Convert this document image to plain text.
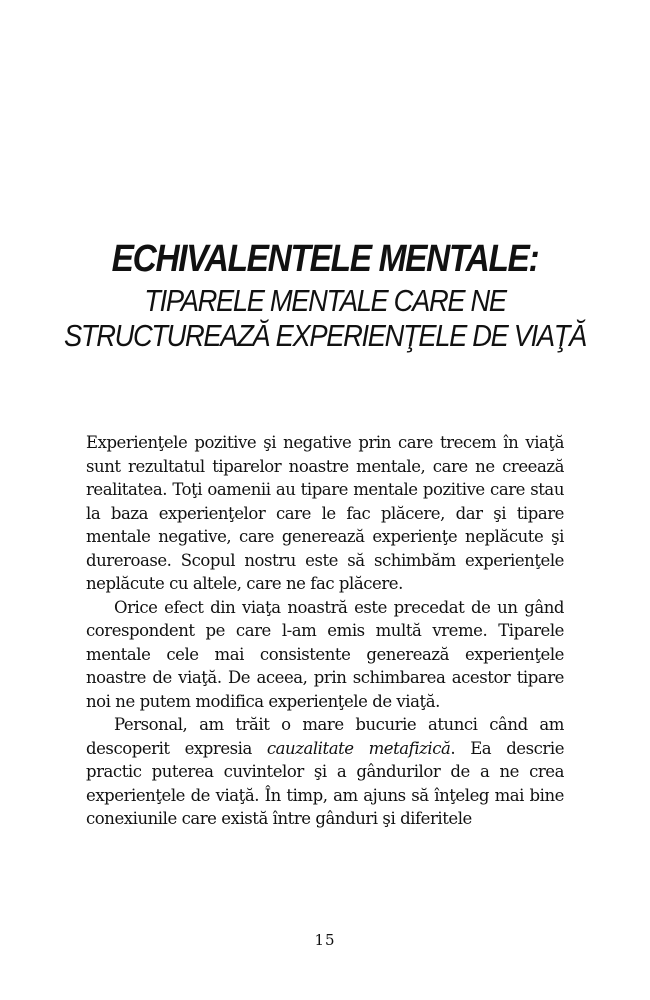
ECHIVALENTELE MENTALE:
TIPARELE MENTALE CARE NE
STRUCTUREAZĂ EXPERIENŢELE DE VIAŢĂ

Experienţele pozitive şi negative prin care trecem în viaţă sunt rezultatul tiparelor noastre mentale, care ne creează realitatea. Toţi oamenii au tipare mentale pozitive care stau la baza experienţelor care le fac plăcere, dar şi tipare mentale negative, care generează experienţe neplăcute şi dureroase. Scopul nostru este să schimbăm experienţele neplăcute cu altele, care ne fac plăcere.

Orice efect din viaţa noastră este precedat de un gând corespondent pe care l-am emis multă vreme. Tiparele mentale cele mai consistente generează experienţele noastre de viaţă. De aceea, prin schimbarea acestor tipare noi ne putem modifica experienţele de viaţă.

Personal, am trăit o mare bucurie atunci când am descoperit expresia cauzalitate metafizică. Ea descrie practic puterea cuvintelor şi a gândurilor de a ne crea experienţele de viaţă. În timp, am ajuns să înţeleg mai bine conexiunile care există între gânduri şi diferitele

15
